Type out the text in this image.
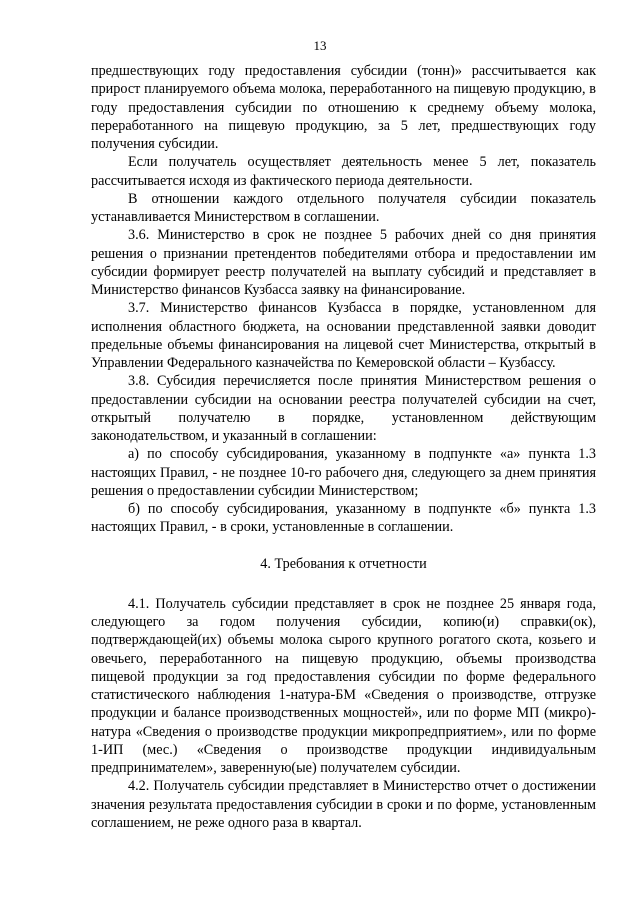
13

предшествующих году предоставления субсидии (тонн)» рассчитывается как прирост планируемого объема молока, переработанного на пищевую продукцию, в году предоставления субсидии по отношению к среднему объему молока, переработанного на пищевую продукцию, за 5 лет, предшествующих году получения субсидии.

Если получатель осуществляет деятельность менее 5 лет, показатель рассчитывается исходя из фактического периода деятельности.

В отношении каждого отдельного получателя субсидии показатель устанавливается Министерством в соглашении.

3.6. Министерство в срок не позднее 5 рабочих дней со дня принятия решения о признании претендентов победителями отбора и предоставлении им субсидии формирует реестр получателей на выплату субсидий и представляет в Министерство финансов Кузбасса заявку на финансирование.

3.7. Министерство финансов Кузбасса в порядке, установленном для исполнения областного бюджета, на основании представленной заявки доводит предельные объемы финансирования на лицевой счет Министерства, открытый в Управлении Федерального казначейства по Кемеровской области – Кузбассу.

3.8. Субсидия перечисляется после принятия Министерством решения о предоставлении субсидии на основании реестра получателей субсидии на счет, открытый получателю в порядке, установленном действующим законодательством, и указанный в соглашении:

а) по способу субсидирования, указанному в подпункте «а» пункта 1.3 настоящих Правил, - не позднее 10-го рабочего дня, следующего за днем принятия решения о предоставлении субсидии Министерством;

б) по способу субсидирования, указанному в подпункте «б» пункта 1.3 настоящих Правил, - в сроки, установленные в соглашении.

4. Требования к отчетности

4.1. Получатель субсидии представляет в срок не позднее 25 января года, следующего за годом получения субсидии, копию(и) справки(ок), подтверждающей(их) объемы молока сырого крупного рогатого скота, козьего и овечьего, переработанного на пищевую продукцию, объемы производства пищевой продукции за год предоставления субсидии по форме федерального статистического наблюдения 1-натура-БМ «Сведения о производстве, отгрузке продукции и балансе производственных мощностей», или по форме МП (микро)-натура «Сведения о производстве продукции микропредприятием», или по форме 1-ИП (мес.) «Сведения о производстве продукции индивидуальным предпринимателем», заверенную(ые) получателем субсидии.

4.2. Получатель субсидии представляет в Министерство отчет о достижении значения результата предоставления субсидии в сроки и по форме, установленным соглашением, не реже одного раза в квартал.
